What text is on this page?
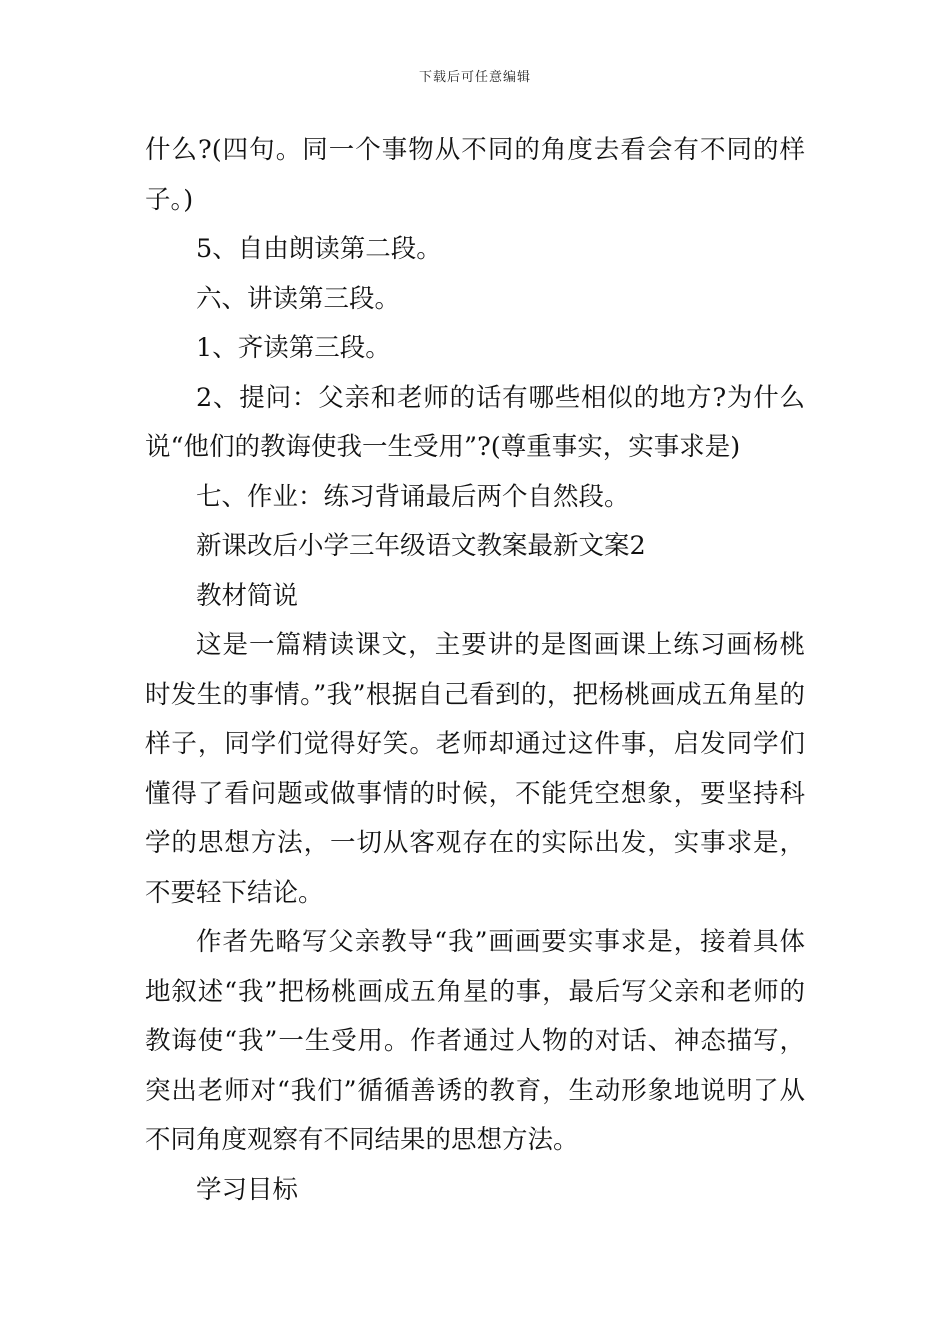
下载后可任意编辑

什么?(四句。同一个事物从不同的角度去看会有不同的样子。)

5、自由朗读第二段。

六、讲读第三段。

1、齐读第三段。

2、提问：父亲和老师的话有哪些相似的地方?为什么说“他们的教诲使我一生受用”?(尊重事实，实事求是)

七、作业：练习背诵最后两个自然段。

新课改后小学三年级语文教案最新文案2

教材简说

这是一篇精读课文，主要讲的是图画课上练习画杨桃时发生的事情。”我”根据自己看到的，把杨桃画成五角星的样子，同学们觉得好笑。老师却通过这件事，启发同学们懂得了看问题或做事情的时候，不能凭空想象，要坚持科学的思想方法，一切从客观存在的实际出发，实事求是，不要轻下结论。

作者先略写父亲教导“我”画画要实事求是，接着具体地叙述“我”把杨桃画成五角星的事，最后写父亲和老师的教诲使“我”一生受用。作者通过人物的对话、神态描写，突出老师对“我们”循循善诱的教育，生动形象地说明了从不同角度观察有不同结果的思想方法。

学习目标
